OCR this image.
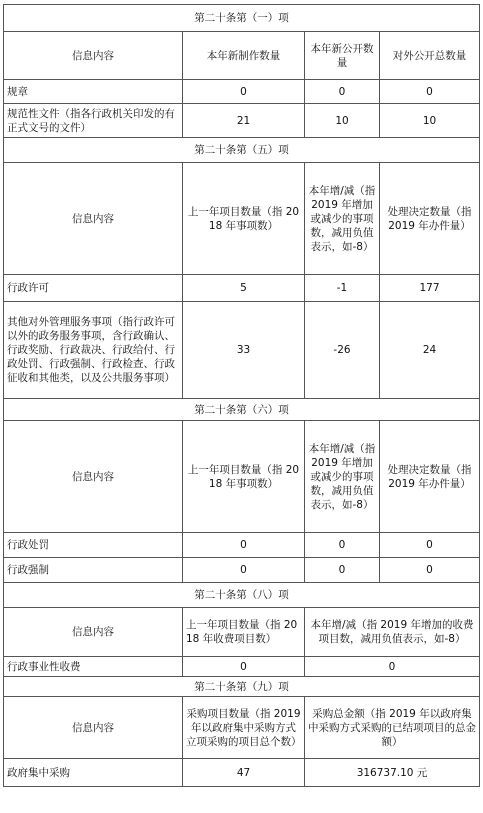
第二十条第（一）项			
信息内容	本年新制作数量	本年新公开数量	对外公开总数量
规章	0	0	0
规范性文件（指各行政机关印发的有正式文号的文件）	21	10	10
第二十条第（五）项			
信息内容	上一年项目数量（指 2018 年事项数）	本年增/减（指 2019 年增加或减少的事项数，减用负值表示，如-8）	处理决定数量（指 2019 年办件量）
行政许可	5	-1	177
其他对外管理服务事项（指行政许可以外的政务服务事项，含行政确认、行政奖励、行政裁决、行政给付、行政处罚、行政强制、行政检查、行政征收和其他类，以及公共服务事项）	33	-26	24
第二十条第（六）项			
信息内容	上一年项目数量（指 2018 年事项数）	本年增/减（指 2019 年增加或减少的事项数，减用负值表示，如-8）	处理决定数量（指 2019 年办件量）
行政处罚	0	0	0
行政强制	0	0	0
第二十条第（八）项			
信息内容	上一年项目数量（指 2018 年收费项目数）	本年增/减（指 2019 年增加的收费项目数，减用负值表示，如-8）	
行政事业性收费	0	0	
第二十条第（九）项			
信息内容	采购项目数量（指 2019 年以政府集中采购方式立项采购的项目总个数）	采购总金额（指 2019 年以政府集中采购方式采购的已结项项目的总金额）	
政府集中采购	47	316737.10 元	
